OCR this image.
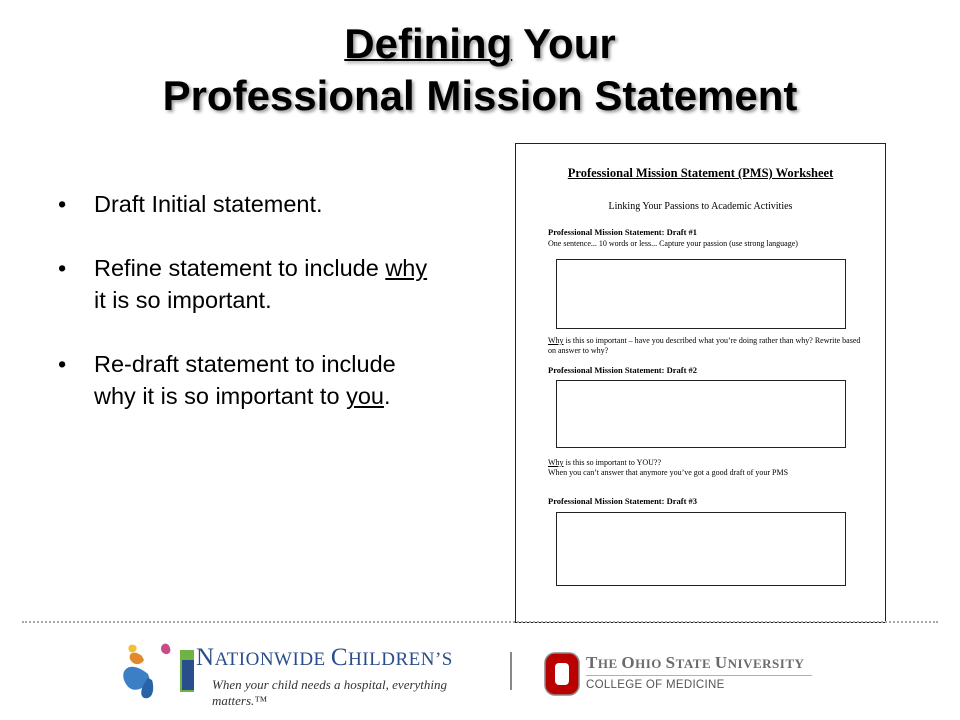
Defining Your
Professional Mission Statement
• Draft Initial statement.
• Refine statement to include why it is so important.
• Re-draft statement to include why it is so important to you.
Professional Mission Statement (PMS) Worksheet
Linking Your Passions to Academic Activities
Professional Mission Statement: Draft #1
One sentence... 10 words or less... Capture your passion (use strong language)
Why is this so important – have you described what you’re doing rather than why? Rewrite based on answer to why?
Professional Mission Statement: Draft #2
Why is this so important to YOU??
When you can’t answer that anymore you’ve got a good draft of your PMS
Professional Mission Statement: Draft #3
NATIONWIDE CHILDREN’S
When your child needs a hospital, everything matters.™
THE OHIO STATE UNIVERSITY
COLLEGE OF MEDICINE
